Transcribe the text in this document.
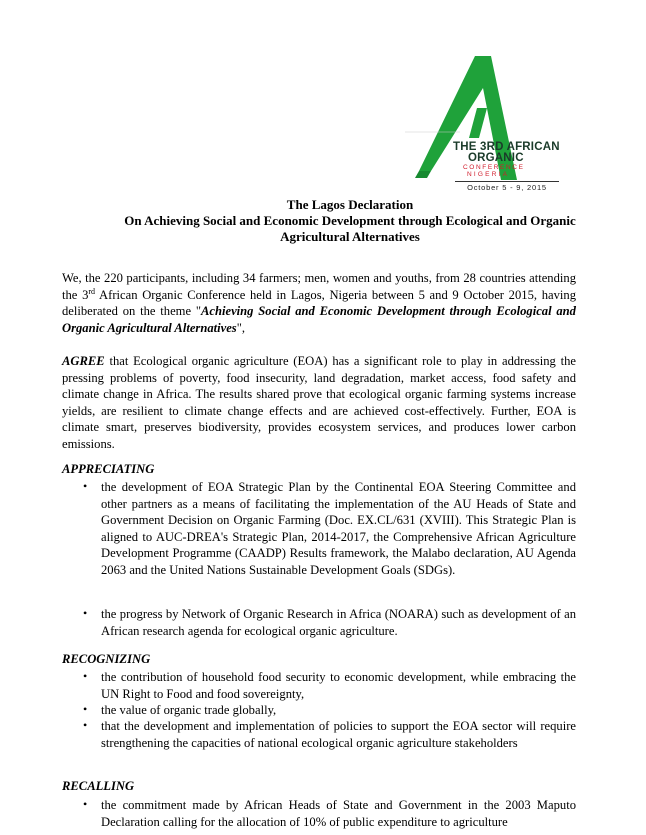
THE 3RD AFRICAN
ORGANIC
CONFERENCE
NIGERIA
October 5 - 9, 2015
The Lagos Declaration
On Achieving Social and Economic Development through Ecological and Organic
Agricultural Alternatives
We, the 220 participants, including 34 farmers; men, women and youths, from 28 countries attending the 3rd African Organic Conference held in Lagos, Nigeria between 5 and 9 October 2015, having deliberated on the theme "Achieving Social and Economic Development through Ecological and Organic Agricultural Alternatives",
AGREE that Ecological organic agriculture (EOA) has a significant role to play in addressing the pressing problems of poverty, food insecurity, land degradation, market access, food safety and climate change in Africa. The results shared prove that ecological organic farming systems increase yields, are resilient to climate change effects and are achieved cost-effectively. Further, EOA is climate smart, preserves biodiversity, provides ecosystem services, and produces lower carbon emissions.
APPRECIATING
• the development of EOA Strategic Plan by the Continental EOA Steering Committee and other partners as a means of facilitating the implementation of the AU Heads of State and Government Decision on Organic Farming (Doc. EX.CL/631 (XVIII). This Strategic Plan is aligned to AUC-DREA's Strategic Plan, 2014-2017, the Comprehensive African Agriculture Development Programme (CAADP) Results framework, the Malabo declaration, AU Agenda 2063 and the United Nations Sustainable Development Goals (SDGs).
• the progress by Network of Organic Research in Africa (NOARA) such as development of an African research agenda for ecological organic agriculture.
RECOGNIZING
• the contribution of household food security to economic development, while embracing the UN Right to Food and food sovereignty,
• the value of organic trade globally,
• that the development and implementation of policies to support the EOA sector will require strengthening the capacities of national ecological organic agriculture stakeholders
RECALLING
• the commitment made by African Heads of State and Government in the 2003 Maputo Declaration calling for the allocation of 10% of public expenditure to agriculture
